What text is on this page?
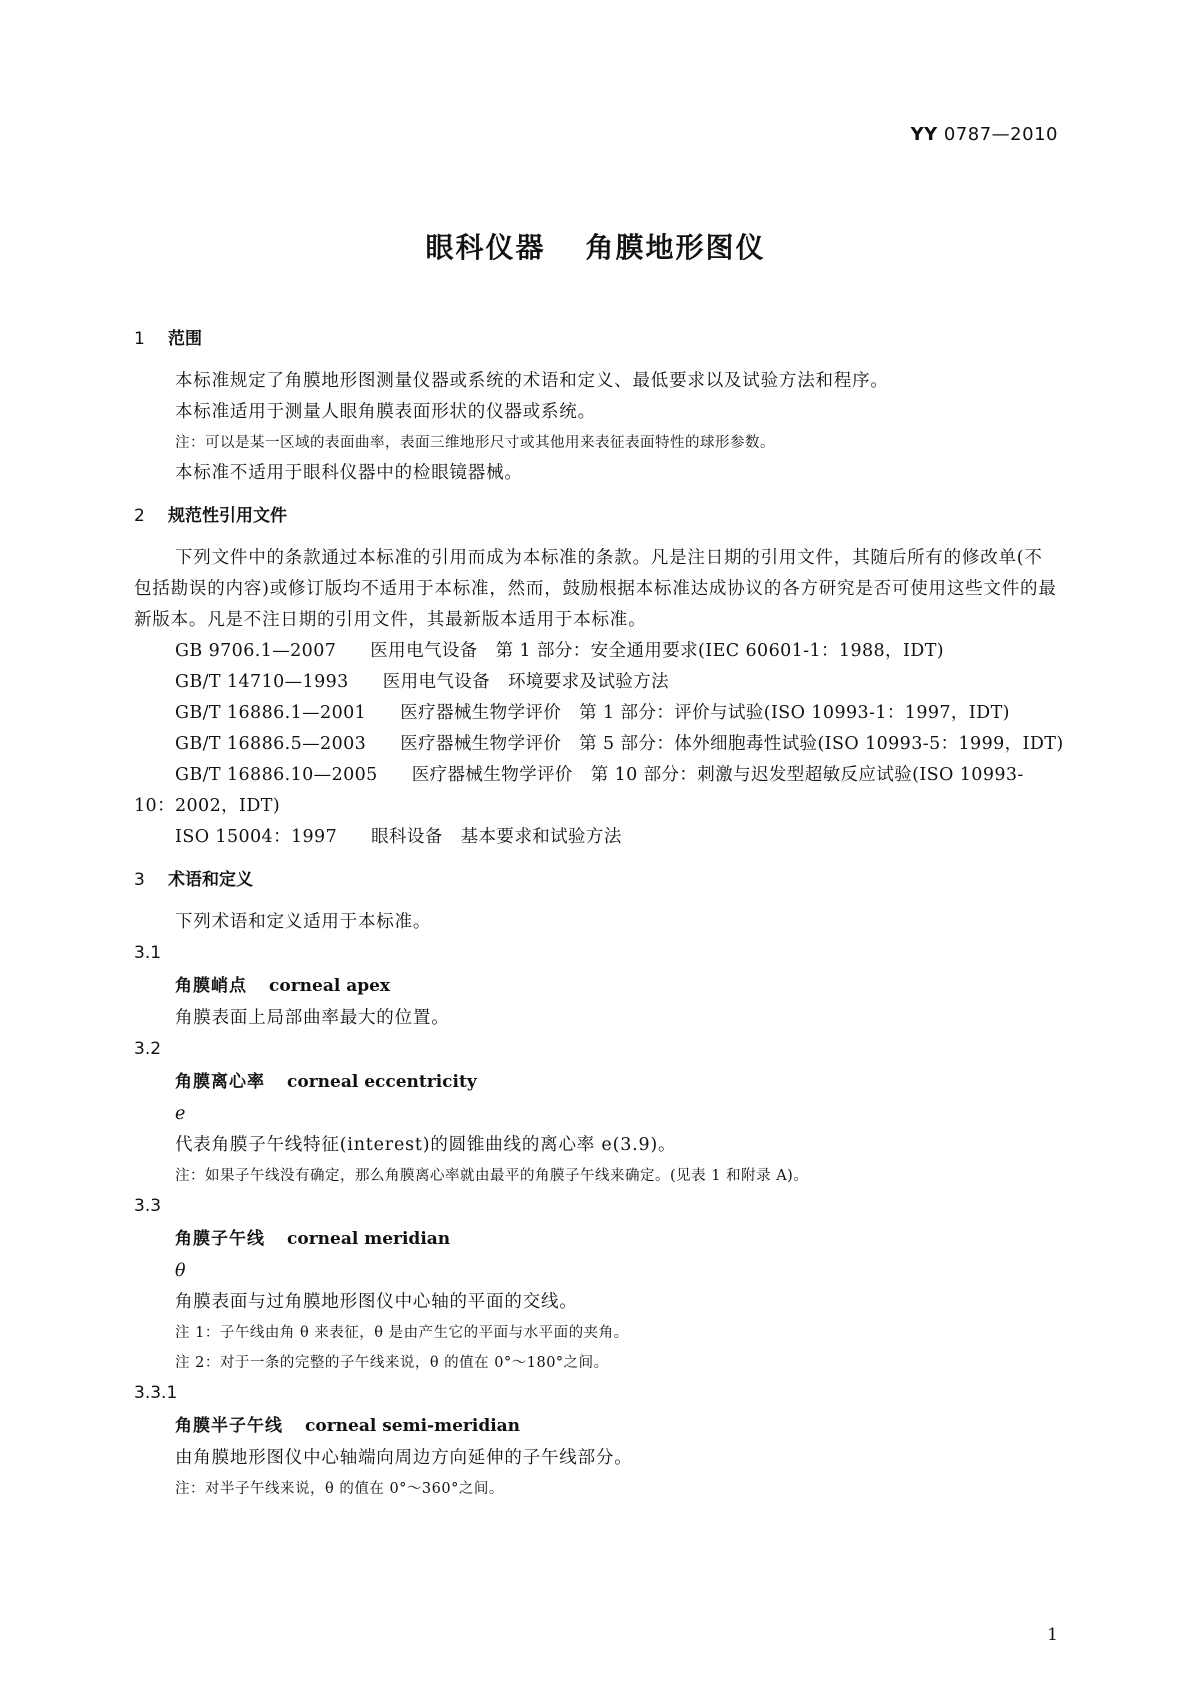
YY 0787—2010
眼科仪器 角膜地形图仪
1 范围

本标准规定了角膜地形图测量仪器或系统的术语和定义、最低要求以及试验方法和程序。

本标准适用于测量人眼角膜表面形状的仪器或系统。

注：可以是某一区域的表面曲率，表面三维地形尺寸或其他用来表征表面特性的球形参数。

本标准不适用于眼科仪器中的检眼镜器械。

2 规范性引用文件

下列文件中的条款通过本标准的引用而成为本标准的条款。凡是注日期的引用文件，其随后所有的修改单(不包括勘误的内容)或修订版均不适用于本标准，然而，鼓励根据本标准达成协议的各方研究是否可使用这些文件的最新版本。凡是不注日期的引用文件，其最新版本适用于本标准。

GB 9706.1—2007 医用电气设备　第 1 部分：安全通用要求(IEC 60601-1：1988，IDT)

GB/T 14710—1993 医用电气设备　环境要求及试验方法

GB/T 16886.1—2001 医疗器械生物学评价　第 1 部分：评价与试验(ISO 10993-1：1997，IDT)

GB/T 16886.5—2003 医疗器械生物学评价　第 5 部分：体外细胞毒性试验(ISO 10993-5：1999，IDT)

GB/T 16886.10—2005 医疗器械生物学评价　第 10 部分：刺激与迟发型超敏反应试验(ISO 10993-10：2002，IDT)

ISO 15004：1997 眼科设备　基本要求和试验方法

3 术语和定义

下列术语和定义适用于本标准。

3.1

角膜峭点 corneal apex

角膜表面上局部曲率最大的位置。

3.2

角膜离心率 corneal eccentricity

e

代表角膜子午线特征(interest)的圆锥曲线的离心率 e(3.9)。

注：如果子午线没有确定，那么角膜离心率就由最平的角膜子午线来确定。(见表 1 和附录 A)。

3.3

角膜子午线 corneal meridian

θ

角膜表面与过角膜地形图仪中心轴的平面的交线。

注 1：子午线由角 θ 来表征，θ 是由产生它的平面与水平面的夹角。

注 2：对于一条的完整的子午线来说，θ 的值在 0°～180°之间。

3.3.1

角膜半子午线 corneal semi-meridian

由角膜地形图仪中心轴端向周边方向延伸的子午线部分。

注：对半子午线来说，θ 的值在 0°～360°之间。

1
